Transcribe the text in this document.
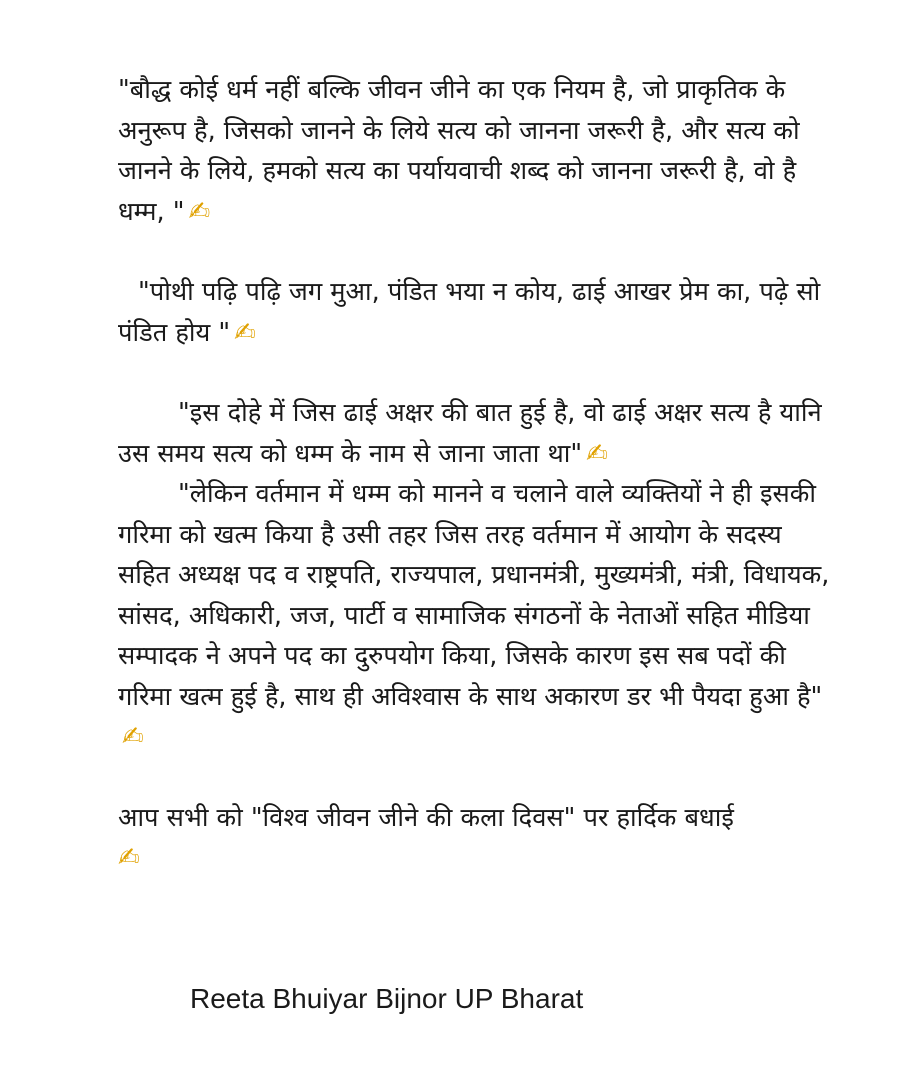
"बौद्ध कोई धर्म नहीं बल्कि जीवन जीने का एक नियम है, जो प्राकृतिक के अनुरूप है, जिसको जानने के लिये सत्य को जानना जरूरी है, और सत्य को जानने के लिये, हमको सत्य का पर्यायवाची शब्द को जानना जरूरी है, वो है धम्म, " ✍

"पोथी पढ़ि पढ़ि जग मुआ, पंडित भया न कोय, ढाई आखर प्रेम का, पढ़े सो पंडित होय " ✍

"इस दोहे में जिस ढाई अक्षर की बात हुई है, वो ढाई अक्षर सत्य है यानि उस समय सत्य को धम्म के नाम से जाना जाता था" ✍

"लेकिन वर्तमान में धम्म को मानने व चलाने वाले व्यक्तियों ने ही इसकी गरिमा को खत्म किया है उसी तहर जिस तरह वर्तमान में आयोग के सदस्य सहित अध्यक्ष पद व राष्ट्रपति, राज्यपाल, प्रधानमंत्री, मुख्यमंत्री, मंत्री, विधायक, सांसद, अधिकारी, जज, पार्टी व सामाजिक संगठनों के नेताओं सहित मीडिया सम्पादक ने अपने पद का दुरुपयोग किया, जिसके कारण इस सब पदों की गरिमा खत्म हुई है, साथ ही अविश्वास के साथ अकारण डर भी पैयदा हुआ है"✍

आप सभी को "विश्व जीवन जीने की कला दिवस" पर हार्दिक बधाई
✍

Reeta Bhuiyar Bijnor UP Bharat
